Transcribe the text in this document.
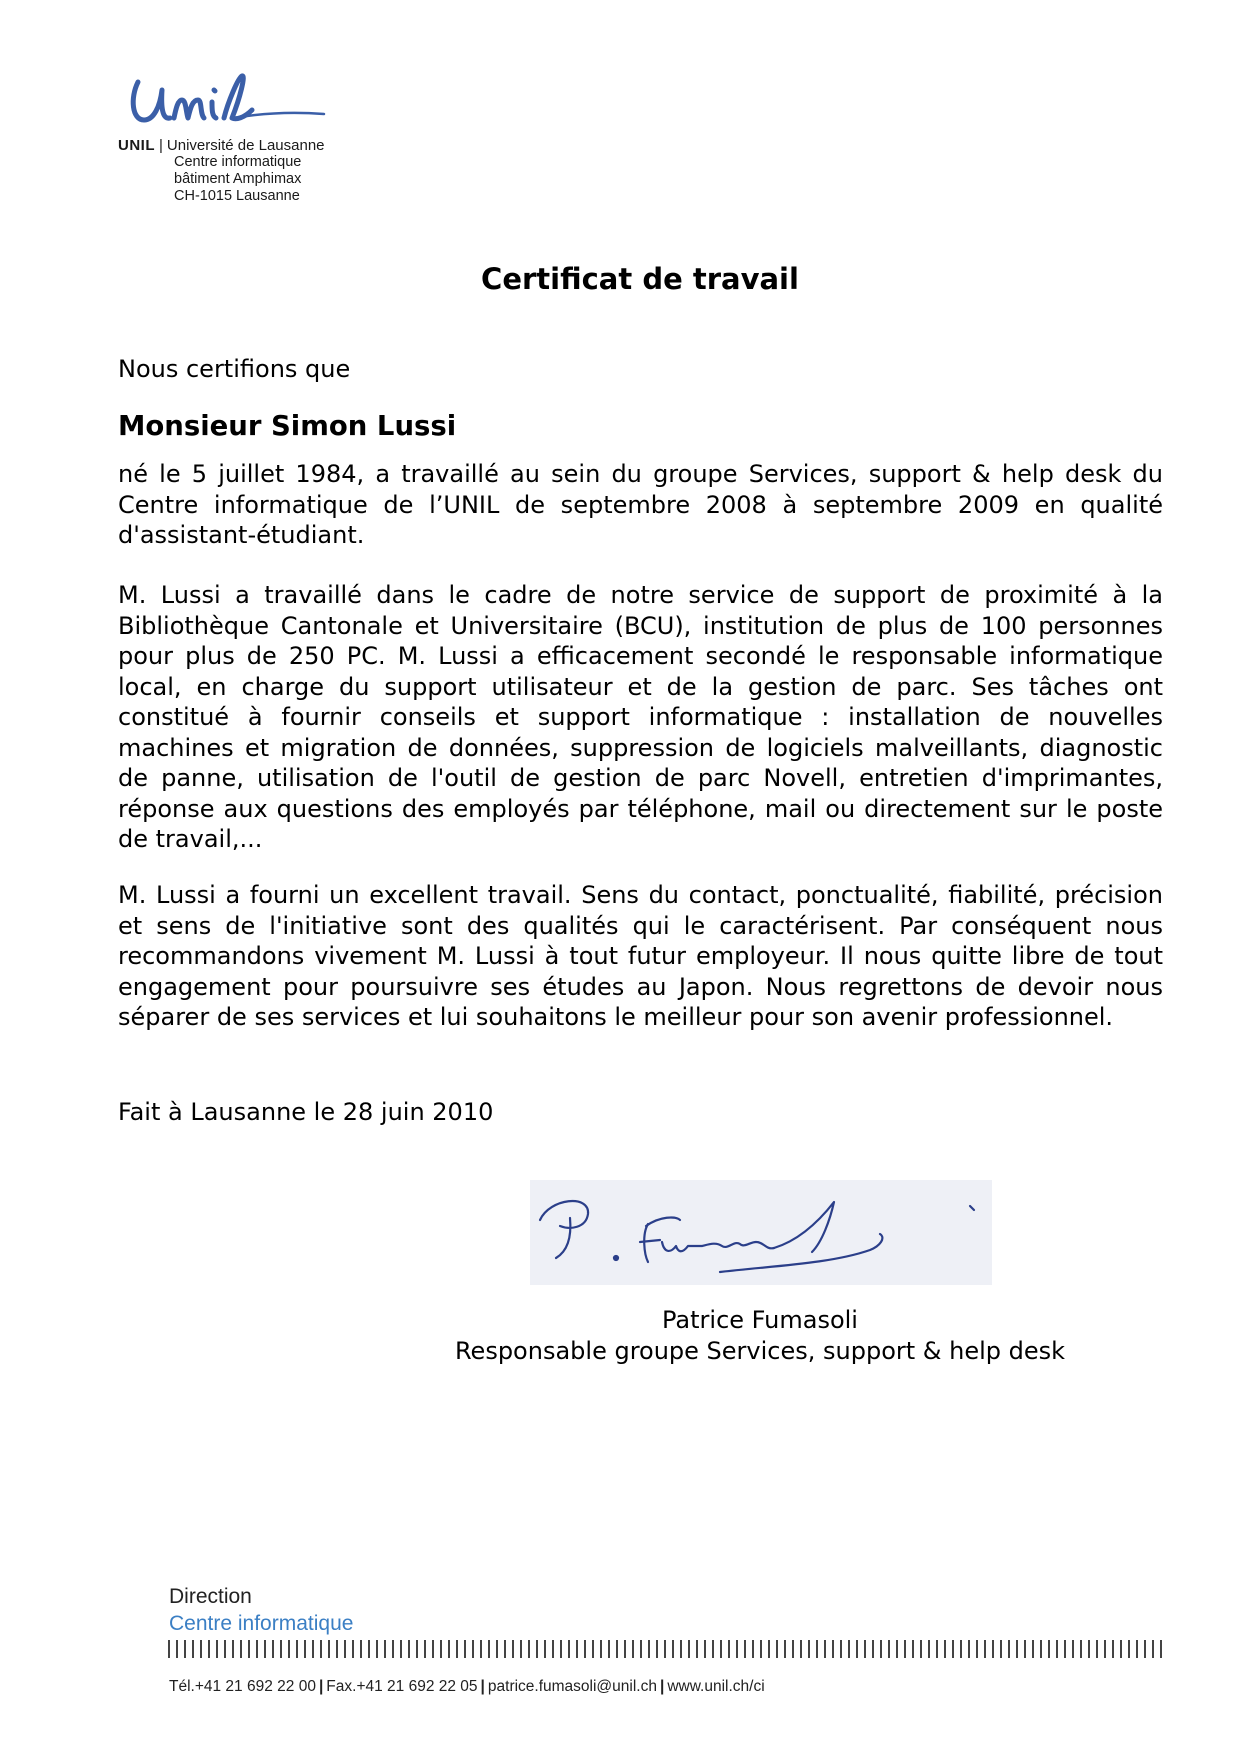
UNIL | Université de Lausanne
Centre informatique
bâtiment Amphimax
CH-1015 Lausanne
Certificat de travail
Nous certifions que
Monsieur Simon Lussi
né le 5 juillet 1984, a travaillé au sein du groupe Services, support & help desk du Centre informatique de l’UNIL de septembre 2008 à septembre 2009 en qualité d'assistant-étudiant.
M. Lussi a travaillé dans le cadre de notre service de support de proximité à la Bibliothèque Cantonale et Universitaire (BCU), institution de plus de 100 personnes pour plus de 250 PC. M. Lussi a efficacement secondé le responsable informatique local, en charge du support utilisateur et de la gestion de parc. Ses tâches ont constitué à fournir conseils et support informatique : installation de nouvelles machines et migration de données, suppression de logiciels malveillants, diagnostic de panne, utilisation de l'outil de gestion de parc Novell, entretien d'imprimantes, réponse aux questions des employés par téléphone, mail ou directement sur le poste de travail,...
M. Lussi a fourni un excellent travail. Sens du contact, ponctualité, fiabilité, précision et sens de l'initiative sont des qualités qui le caractérisent. Par conséquent nous recommandons vivement M. Lussi à tout futur employeur. Il nous quitte libre de tout engagement pour poursuivre ses études au Japon. Nous regrettons de devoir nous séparer de ses services et lui souhaitons le meilleur pour son avenir professionnel.
Fait à Lausanne le 28 juin 2010
Patrice Fumasoli
Responsable groupe Services, support & help desk
Direction
Centre informatique
Tél.+41 21 692 22 00 | Fax.+41 21 692 22 05 | patrice.fumasoli@unil.ch | www.unil.ch/ci
